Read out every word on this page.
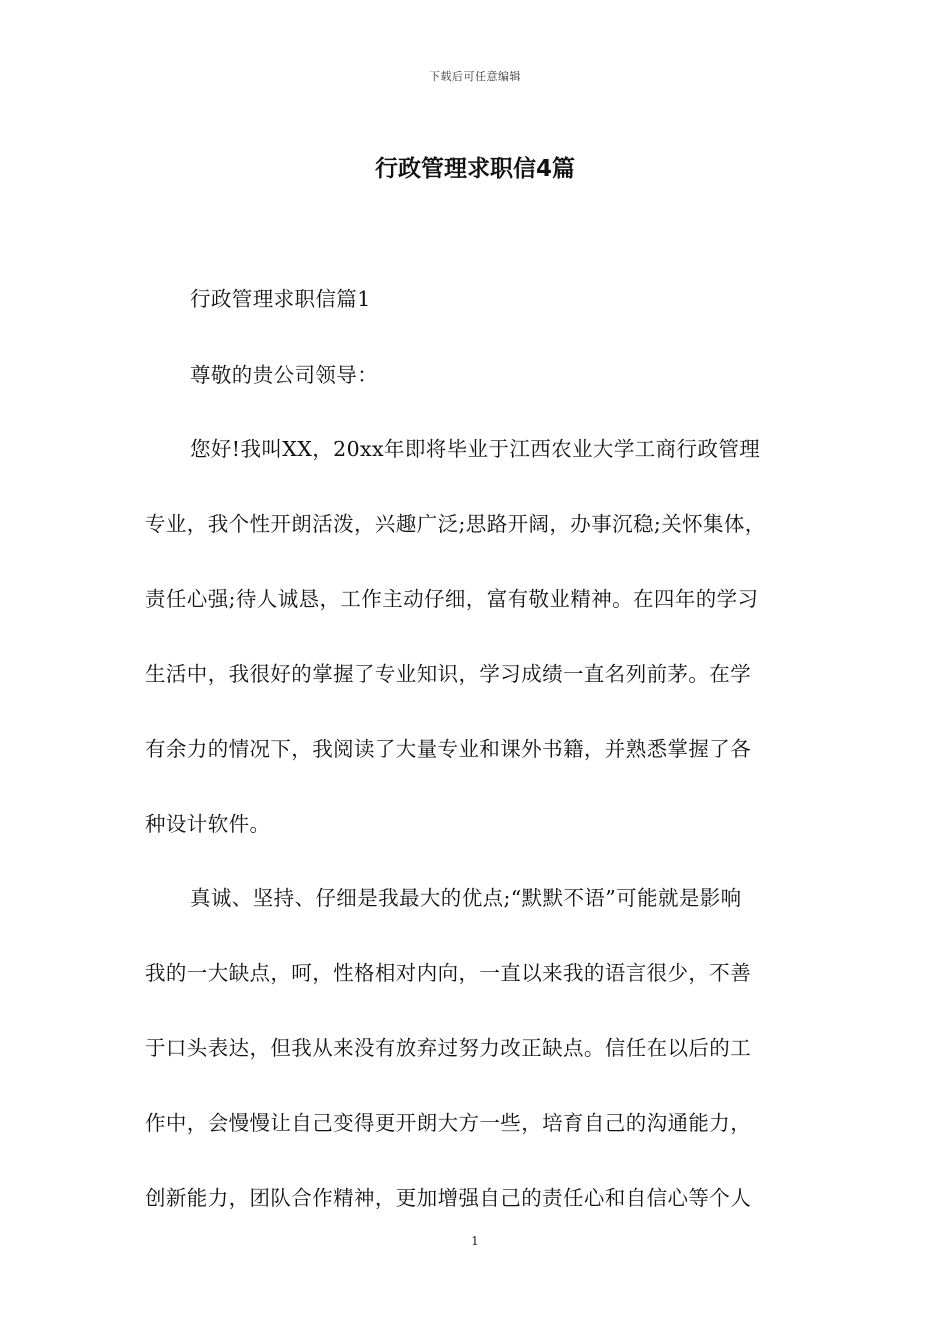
下载后可任意编辑
行政管理求职信4篇
行政管理求职信篇1
尊敬的贵公司领导：
您好!我叫XX，20xx年即将毕业于江西农业大学工商行政管理
专业，我个性开朗活泼，兴趣广泛;思路开阔，办事沉稳;关怀集体，
责任心强;待人诚恳，工作主动仔细，富有敬业精神。在四年的学习
生活中，我很好的掌握了专业知识，学习成绩一直名列前茅。在学
有余力的情况下，我阅读了大量专业和课外书籍，并熟悉掌握了各
种设计软件。
真诚、坚持、仔细是我最大的优点;“默默不语”可能就是影响
我的一大缺点，呵，性格相对内向，一直以来我的语言很少，不善
于口头表达，但我从来没有放弃过努力改正缺点。信任在以后的工
作中，会慢慢让自己变得更开朗大方一些，培育自己的沟通能力，
创新能力，团队合作精神，更加增强自己的责任心和自信心等个人
1
